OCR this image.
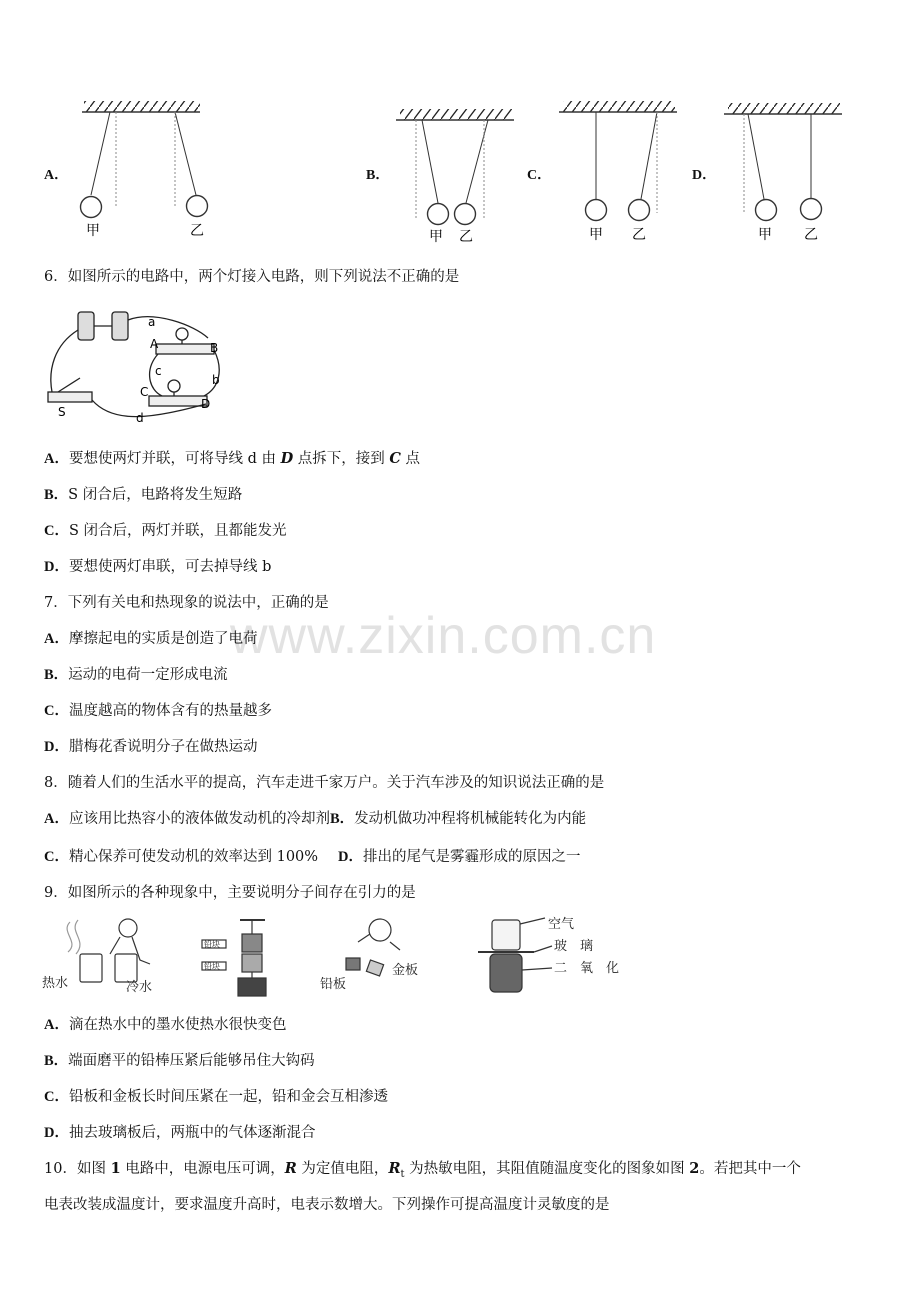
www.zixin.com.cn
A．	B．	C．	D．
甲	乙	甲 乙	甲 乙	甲 乙
6．如图所示的电路中，两个灯接入电路，则下列说法不正确的是
a
A	B
c
b
C
D
S	d
A．要想使两灯并联，可将导线 d 由 D 点拆下，接到 C 点
B．S 闭合后，电路将发生短路
C．S 闭合后，两灯并联，且都能发光
D．要想使两灯串联，可去掉导线 b
7．下列有关电和热现象的说法中，正确的是
A．摩擦起电的实质是创造了电荷
B．运动的电荷一定形成电流
C．温度越高的物体含有的热量越多
D．腊梅花香说明分子在做热运动
8．随着人们的生活水平的提高，汽车走进千家万户。关于汽车涉及的知识说法正确的是
A．应该用比热容小的液体做发动机的冷却剂B．发动机做功冲程将机械能转化为内能
C．精心保养可使发动机的效率达到 100% D．排出的尾气是雾霾形成的原因之一
9．如图所示的各种现象中，主要说明分子间存在引力的是
热水	冷水
铅块
铅块
铅板
金板
空气
玻　璃
二　氧　化
A．滴在热水中的墨水使热水很快变色
B．端面磨平的铅棒压紧后能够吊住大钩码
C．铅板和金板长时间压紧在一起，铅和金会互相渗透
D．抽去玻璃板后，两瓶中的气体逐渐混合
10．如图 1 电路中，电源电压可调，R 为定值电阻，$R_t$ 为热敏电阻，其阻值随温度变化的图象如图 2。若把其中一个
电表改装成温度计，要求温度升高时，电表示数增大。下列操作可提高温度计灵敏度的是
